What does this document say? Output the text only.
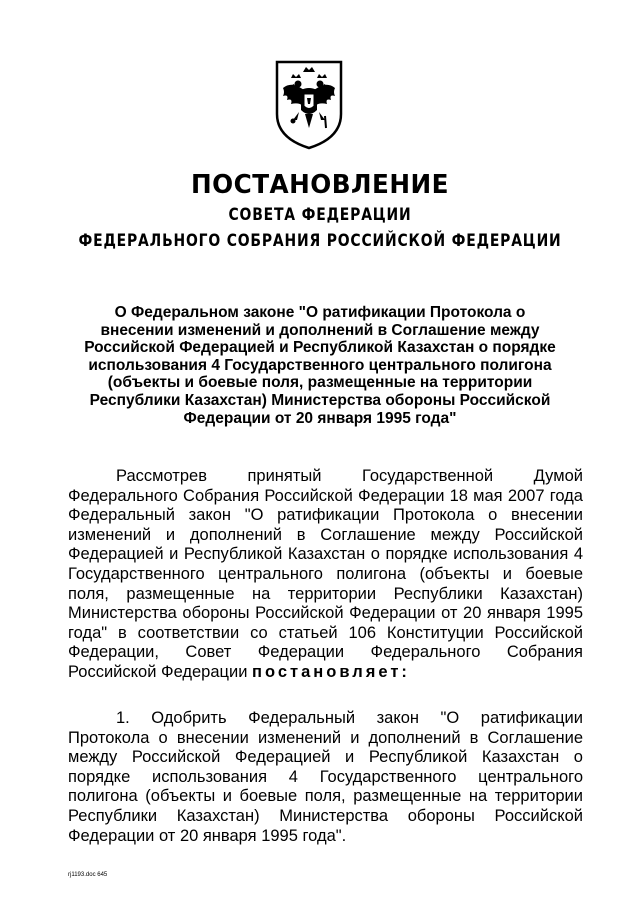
ПОСТАНОВЛЕНИЕ
СОВЕТА ФЕДЕРАЦИИ
ФЕДЕРАЛЬНОГО СОБРАНИЯ РОССИЙСКОЙ ФЕДЕРАЦИИ
О Федеральном законе "О ратификации Протокола о внесении изменений и дополнений в Соглашение между Российской Федерацией и Республикой Казахстан о порядке использования 4 Государственного центрального полигона (объекты и боевые поля, размещенные на территории Республики Казахстан) Министерства обороны Российской Федерации от 20 января 1995 года"
Рассмотрев принятый Государственной Думой Федерального Собрания Российской Федерации 18 мая 2007 года Федеральный закон "О ратификации Протокола о внесении изменений и дополнений в Соглашение между Российской Федерацией и Республикой Казахстан о порядке использования 4 Государственного центрального полигона (объекты и боевые поля, размещенные на территории Республики Казахстан) Министерства обороны Российской Федерации от 20 января 1995 года" в соответствии со статьей 106 Конституции Российской Федерации, Совет Федерации Федерального Собрания Российской Федерации постановляет:
1. Одобрить Федеральный закон "О ратификации Протокола о внесении изменений и дополнений в Соглашение между Российской Федерацией и Республикой Казахстан о порядке использования 4 Государственного центрального полигона (объекты и боевые поля, размещенные на территории Республики Казахстан) Министерства обороны Российской Федерации от 20 января 1995 года".
rj1193.doc 645
